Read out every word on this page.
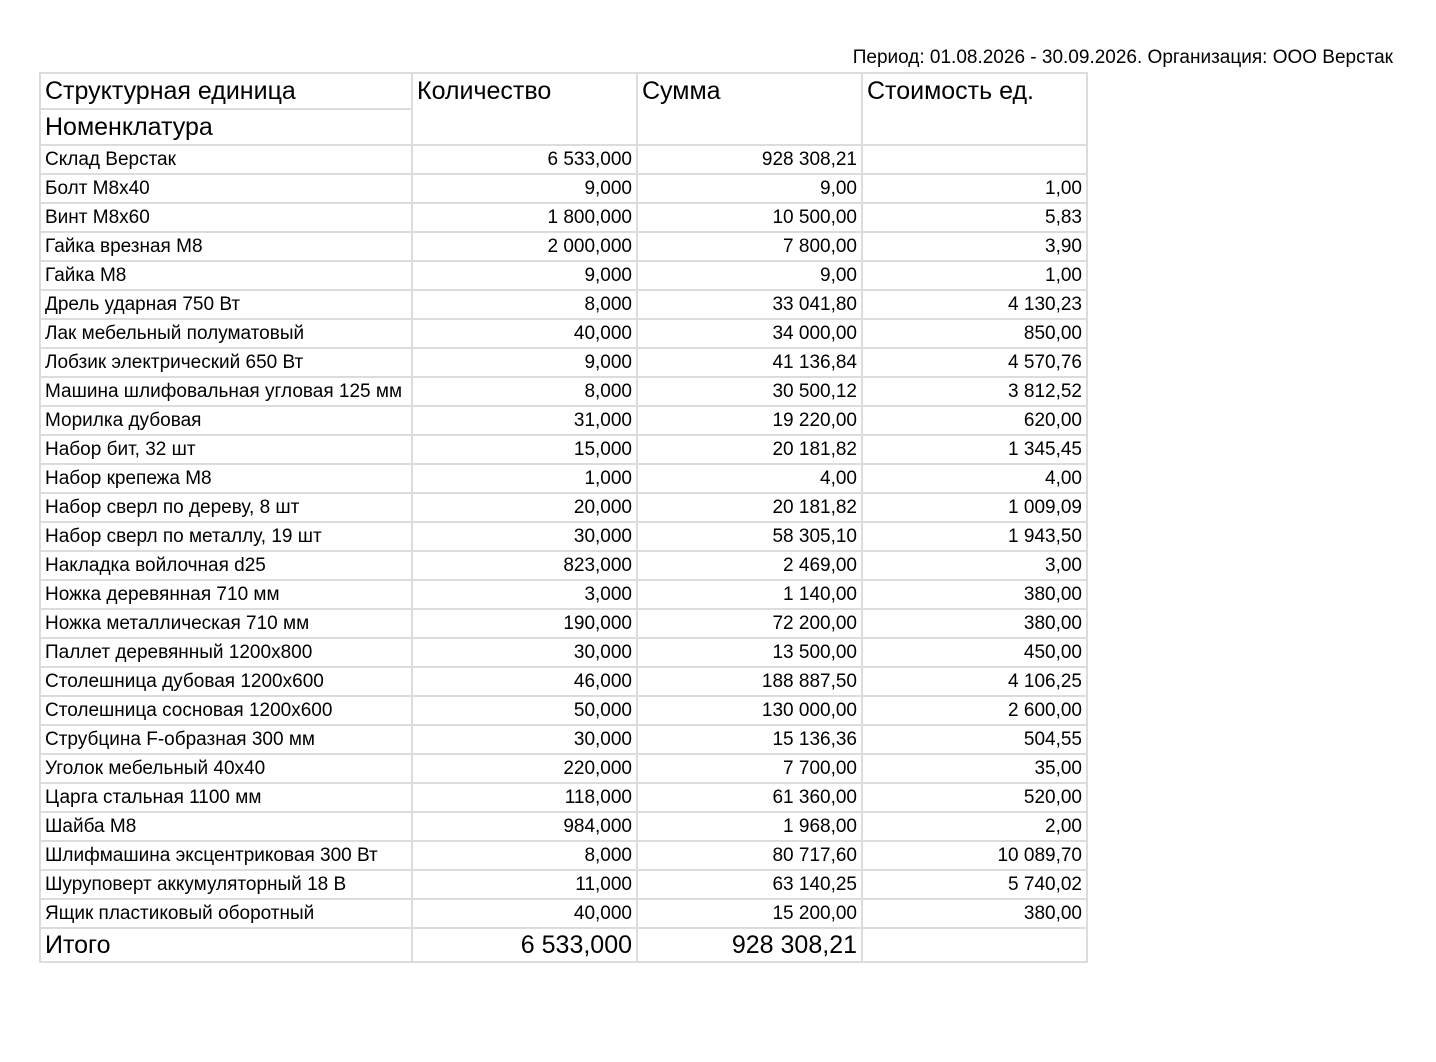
Период: 01.08.2026 - 30.09.2026. Организация: ООО Верстак
Структурная единица	Количество	Сумма	Стоимость ед.
Номенклатура			
Склад Верстак	6 533,000	928 308,21	
Болт М8х40	9,000	9,00	1,00
Винт М8х60	1 800,000	10 500,00	5,83
Гайка врезная М8	2 000,000	7 800,00	3,90
Гайка М8	9,000	9,00	1,00
Дрель ударная 750 Вт	8,000	33 041,80	4 130,23
Лак мебельный полуматовый	40,000	34 000,00	850,00
Лобзик электрический 650 Вт	9,000	41 136,84	4 570,76
Машина шлифовальная угловая 125 мм	8,000	30 500,12	3 812,52
Морилка дубовая	31,000	19 220,00	620,00
Набор бит, 32 шт	15,000	20 181,82	1 345,45
Набор крепежа М8	1,000	4,00	4,00
Набор сверл по дереву, 8 шт	20,000	20 181,82	1 009,09
Набор сверл по металлу, 19 шт	30,000	58 305,10	1 943,50
Накладка войлочная d25	823,000	2 469,00	3,00
Ножка деревянная 710 мм	3,000	1 140,00	380,00
Ножка металлическая 710 мм	190,000	72 200,00	380,00
Паллет деревянный 1200х800	30,000	13 500,00	450,00
Столешница дубовая 1200х600	46,000	188 887,50	4 106,25
Столешница сосновая 1200х600	50,000	130 000,00	2 600,00
Струбцина F-образная 300 мм	30,000	15 136,36	504,55
Уголок мебельный 40х40	220,000	7 700,00	35,00
Царга стальная 1100 мм	118,000	61 360,00	520,00
Шайба М8	984,000	1 968,00	2,00
Шлифмашина эксцентриковая 300 Вт	8,000	80 717,60	10 089,70
Шуруповерт аккумуляторный 18 В	11,000	63 140,25	5 740,02
Ящик пластиковый оборотный	40,000	15 200,00	380,00
Итого	6 533,000	928 308,21	
